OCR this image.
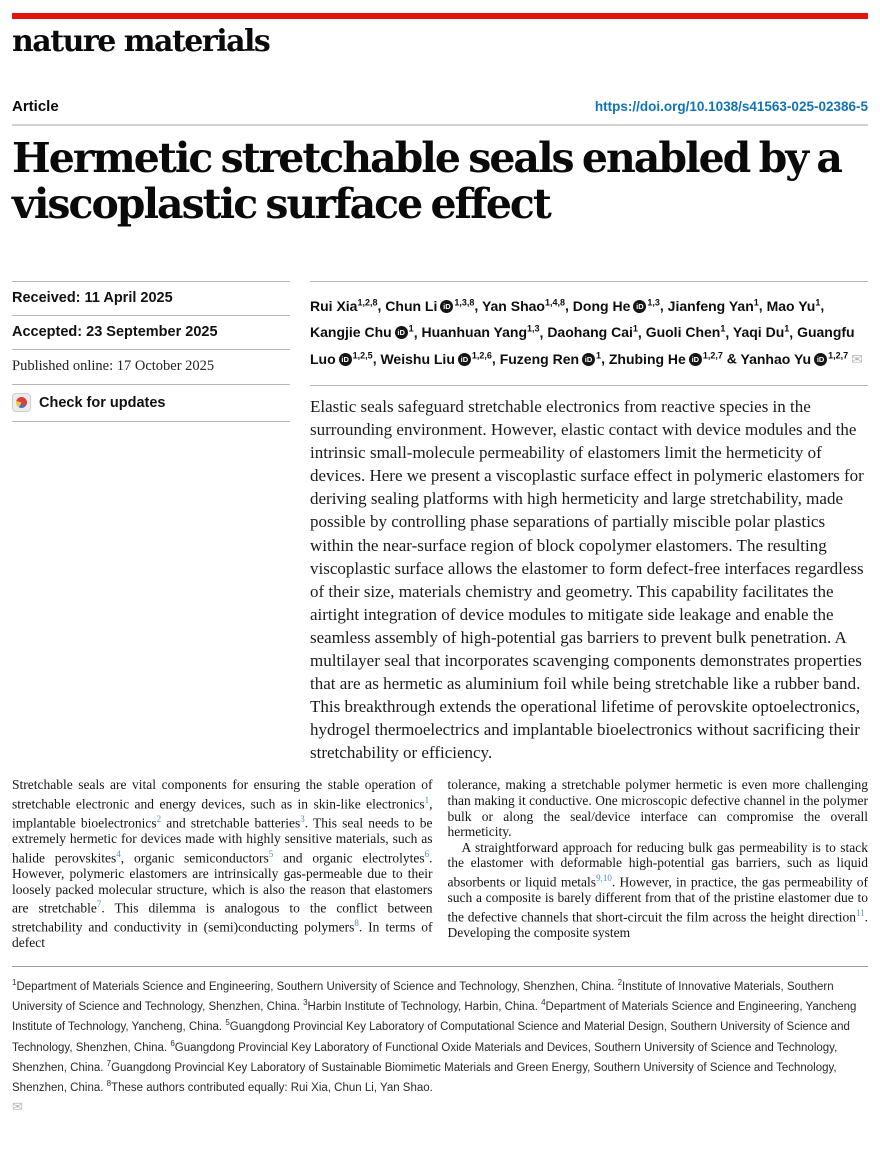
nature materials
Article	https://doi.org/10.1038/s41563-025-02386-5
Hermetic stretchable seals enabled by a
viscoplastic surface effect
Received: 11 April 2025
Accepted: 23 September 2025
Published online: 17 October 2025
Check for updates
Rui Xia$^{1,2,8}$, Chun Li iD $^{1,3,8}$, Yan Shao$^{1,4,8}$, Dong He iD $^{1,3}$, Jianfeng Yan$^1$, Mao Yu$^1$, Kangjie Chu iD $^1$, Huanhuan Yang$^{1,3}$, Daohang Cai$^1$, Guoli Chen$^1$, Yaqi Du$^1$, Guangfu Luo iD $^{1,2,5}$, Weishu Liu iD $^{1,2,6}$, Fuzeng Ren iD $^1$, Zhubing He iD $^{1,2,7}$ & Yanhao Yu iD $^{1,2,7}$ ✉

Elastic seals safeguard stretchable electronics from reactive species in the surrounding environment. However, elastic contact with device modules and the intrinsic small-molecule permeability of elastomers limit the hermeticity of devices. Here we present a viscoplastic surface effect in polymeric elastomers for deriving sealing platforms with high hermeticity and large stretchability, made possible by controlling phase separations of partially miscible polar plastics within the near-surface region of block copolymer elastomers. The resulting viscoplastic surface allows the elastomer to form defect-free interfaces regardless of their size, materials chemistry and geometry. This capability facilitates the airtight integration of device modules to mitigate side leakage and enable the seamless assembly of high-potential gas barriers to prevent bulk penetration. A multilayer seal that incorporates scavenging components demonstrates properties that are as hermetic as aluminium foil while being stretchable like a rubber band. This breakthrough extends the operational lifetime of perovskite optoelectronics, hydrogel thermoelectrics and implantable bioelectronics without sacrificing their stretchability or efficiency.

Stretchable seals are vital components for ensuring the stable operation of stretchable electronic and energy devices, such as in skin-like electronics$^1$, implantable bioelectronics$^2$ and stretchable batteries$^3$. This seal needs to be extremely hermetic for devices made with highly sensitive materials, such as halide perovskites$^4$, organic semiconductors$^5$ and organic electrolytes$^6$. However, polymeric elastomers are intrinsically gas-permeable due to their loosely packed molecular structure, which is also the reason that elastomers are stretchable$^7$. This dilemma is analogous to the conflict between stretchability and conductivity in (semi)conducting polymers$^8$. In terms of defect

tolerance, making a stretchable polymer hermetic is even more challenging than making it conductive. One microscopic defective channel in the polymer bulk or along the seal/device interface can compromise the overall hermeticity.

A straightforward approach for reducing bulk gas permeability is to stack the elastomer with deformable high-potential gas barriers, such as liquid absorbents or liquid metals$^{9,10}$. However, in practice, the gas permeability of such a composite is barely different from that of the pristine elastomer due to the defective channels that short-circuit the film across the height direction$^{11}$. Developing the composite system

$^1$Department of Materials Science and Engineering, Southern University of Science and Technology, Shenzhen, China. $^2$Institute of Innovative Materials, Southern University of Science and Technology, Shenzhen, China. $^3$Harbin Institute of Technology, Harbin, China. $^4$Department of Materials Science and Engineering, Yancheng Institute of Technology, Yancheng, China. $^5$Guangdong Provincial Key Laboratory of Computational Science and Material Design, Southern University of Science and Technology, Shenzhen, China. $^6$Guangdong Provincial Key Laboratory of Functional Oxide Materials and Devices, Southern University of Science and Technology, Shenzhen, China. $^7$Guangdong Provincial Key Laboratory of Sustainable Biomimetic Materials and Green Energy, Southern University of Science and Technology, Shenzhen, China. $^8$These authors contributed equally: Rui Xia, Chun Li, Yan Shao.
✉
